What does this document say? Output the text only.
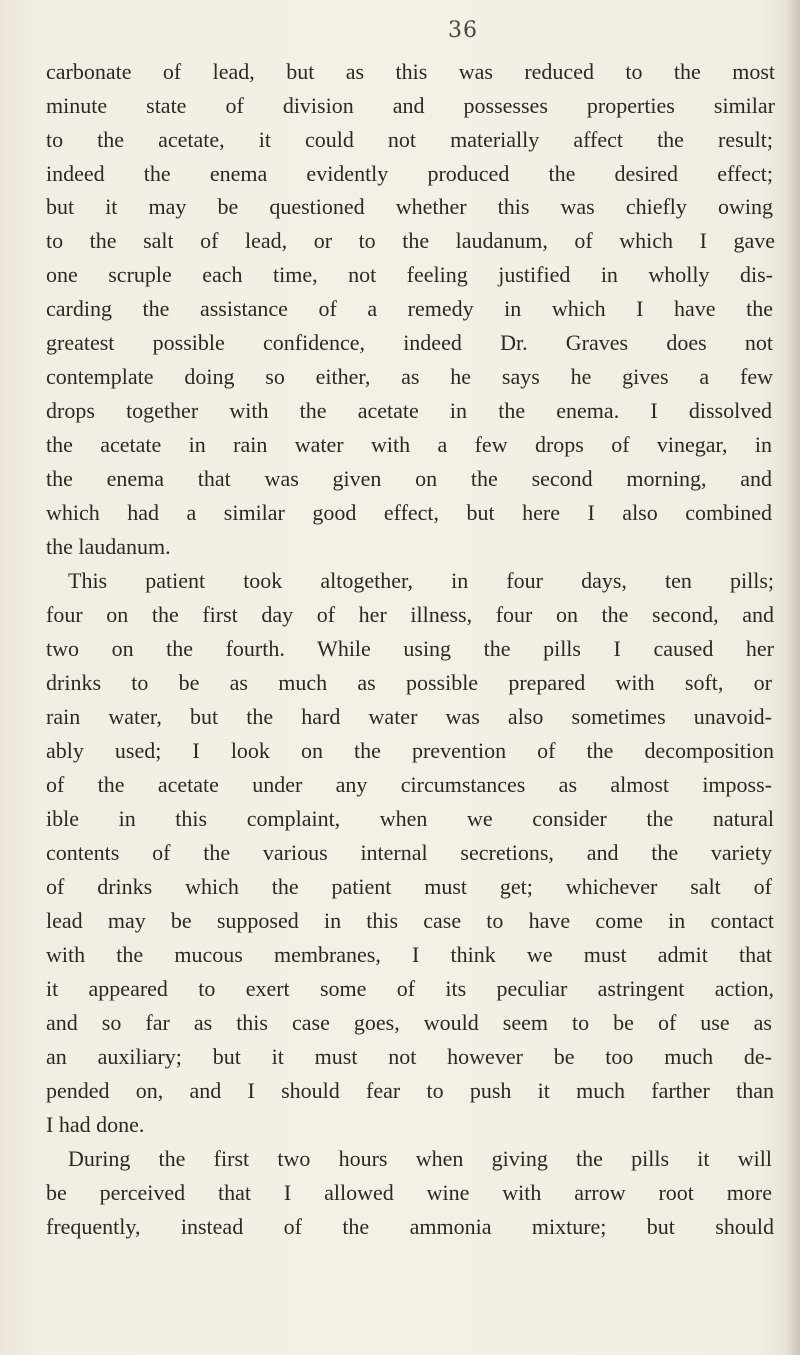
36
carbonate of lead, but as this was reduced to the most
minute state of division and possesses properties similar
to the acetate, it could not materially affect the result;
indeed the enema evidently produced the desired effect;
but it may be questioned whether this was chiefly owing
to the salt of lead, or to the laudanum, of which I gave
one scruple each time, not feeling justified in wholly dis-
carding the assistance of a remedy in which I have the
greatest possible confidence, indeed Dr. Graves does not
contemplate doing so either, as he says he gives a few
drops together with the acetate in the enema. I dissolved
the acetate in rain water with a few drops of vinegar, in
the enema that was given on the second morning, and
which had a similar good effect, but here I also combined
the laudanum.
This patient took altogether, in four days, ten pills;
four on the first day of her illness, four on the second, and
two on the fourth. While using the pills I caused her
drinks to be as much as possible prepared with soft, or
rain water, but the hard water was also sometimes unavoid-
ably used; I look on the prevention of the decomposition
of the acetate under any circumstances as almost imposs-
ible in this complaint, when we consider the natural
contents of the various internal secretions, and the variety
of drinks which the patient must get; whichever salt of
lead may be supposed in this case to have come in contact
with the mucous membranes, I think we must admit that
it appeared to exert some of its peculiar astringent action,
and so far as this case goes, would seem to be of use as
an auxiliary; but it must not however be too much de-
pended on, and I should fear to push it much farther than
I had done.
During the first two hours when giving the pills it will
be perceived that I allowed wine with arrow root more
frequently, instead of the ammonia mixture; but should
